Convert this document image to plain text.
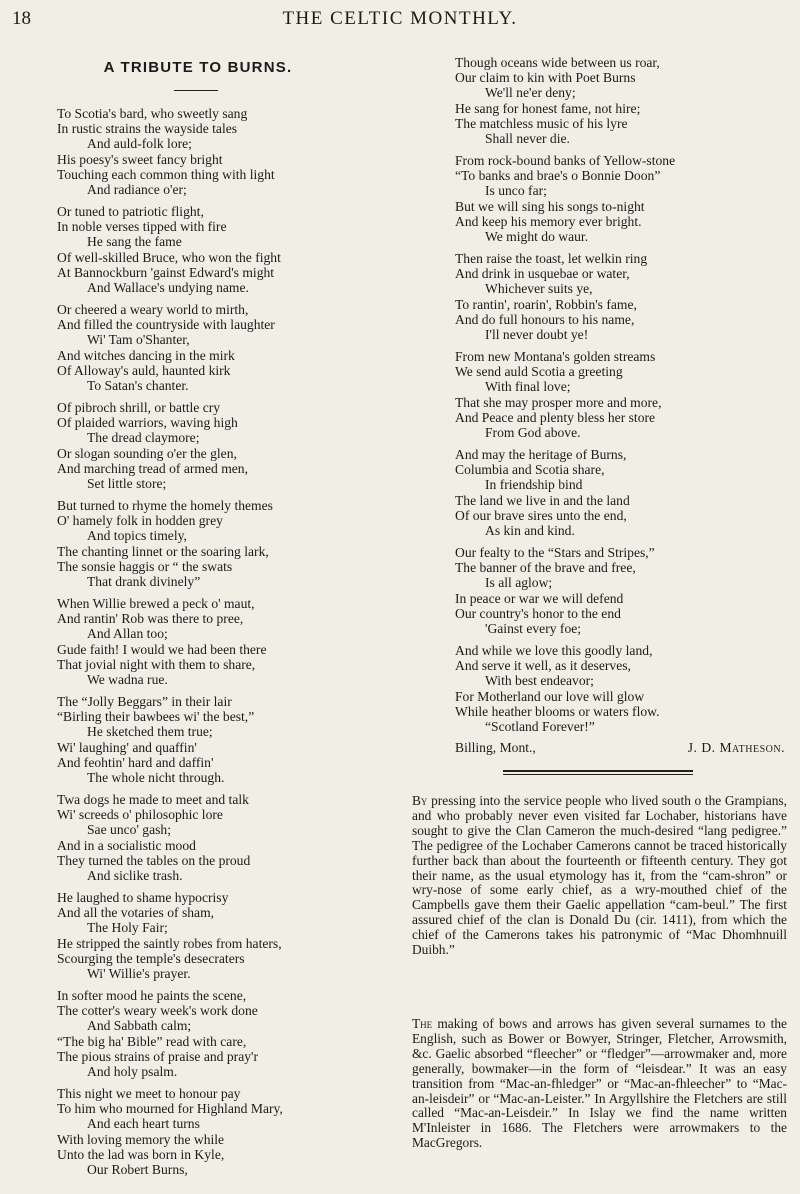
18	THE CELTIC MONTHLY.
A TRIBUTE TO BURNS.
To Scotia's bard, who sweetly sang
In rustic strains the wayside tales
And auld-folk lore;
His poesy's sweet fancy bright
Touching each common thing with light
And radiance o'er;
Or tuned to patriotic flight,
In noble verses tipped with fire
He sang the fame
Of well-skilled Bruce, who won the fight
At Bannockburn 'gainst Edward's might
And Wallace's undying name.
Or cheered a weary world to mirth,
And filled the countryside with laughter
Wi' Tam o'Shanter,
And witches dancing in the mirk
Of Alloway's auld, haunted kirk
To Satan's chanter.
Of pibroch shrill, or battle cry
Of plaided warriors, waving high
The dread claymore;
Or slogan sounding o'er the glen,
And marching tread of armed men,
Set little store;
But turned to rhyme the homely themes
O' hamely folk in hodden grey
And topics timely,
The chanting linnet or the soaring lark,
The sonsie haggis or “ the swats
That drank divinely”
When Willie brewed a peck o' maut,
And rantin' Rob was there to pree,
And Allan too;
Gude faith! I would we had been there
That jovial night with them to share,
We wadna rue.
The “Jolly Beggars” in their lair
“Birling their bawbees wi' the best,”
He sketched them true;
Wi' laughing' and quaffin'
And feohtin' hard and daffin'
The whole nicht through.
Twa dogs he made to meet and talk
Wi' screeds o' philosophic lore
Sae unco' gash;
And in a socialistic mood
They turned the tables on the proud
And siclike trash.
He laughed to shame hypocrisy
And all the votaries of sham,
The Holy Fair;
He stripped the saintly robes from haters,
Scourging the temple's desecraters
Wi' Willie's prayer.
In softer mood he paints the scene,
The cotter's weary week's work done
And Sabbath calm;
“The big ha' Bible” read with care,
The pious strains of praise and pray'r
And holy psalm.
This night we meet to honour pay
To him who mourned for Highland Mary,
And each heart turns
With loving memory the while
Unto the lad was born in Kyle,
Our Robert Burns,
Though oceans wide between us roar,
Our claim to kin with Poet Burns
We'll ne'er deny;
He sang for honest fame, not hire;
The matchless music of his lyre
Shall never die.
From rock-bound banks of Yellow-stone
“To banks and brae's o Bonnie Doon”
Is unco far;
But we will sing his songs to-night
And keep his memory ever bright.
We might do waur.
Then raise the toast, let welkin ring
And drink in usquebae or water,
Whichever suits ye,
To rantin', roarin', Robbin's fame,
And do full honours to his name,
I'll never doubt ye!
From new Montana's golden streams
We send auld Scotia a greeting
With final love;
That she may prosper more and more,
And Peace and plenty bless her store
From God above.
And may the heritage of Burns,
Columbia and Scotia share,
In friendship bind
The land we live in and the land
Of our brave sires unto the end,
As kin and kind.
Our fealty to the “Stars and Stripes,”
The banner of the brave and free,
Is all aglow;
In peace or war we will defend
Our country's honor to the end
'Gainst every foe;
And while we love this goodly land,
And serve it well, as it deserves,
With best endeavor;
For Motherland our love will glow
While heather blooms or waters flow.
“Scotland Forever!”
Billing, Mont.,	J. D. Matheson.

By pressing into the service people who lived south o the Grampians, and who probably never even visited far Lochaber, historians have sought to give the Clan Cameron the much-desired “lang pedigree.” The pedigree of the Lochaber Camerons cannot be traced historically further back than about the fourteenth or fifteenth century. They got their name, as the usual etymology has it, from the “cam-shron” or wry-nose of some early chief, as a wry-mouthed chief of the Campbells gave them their Gaelic appellation “cam-beul.” The first assured chief of the clan is Donald Du (cir. 1411), from which the chief of the Camerons takes his patronymic of “Mac Dhomhnuill Duibh.”

The making of bows and arrows has given several surnames to the English, such as Bower or Bowyer, Stringer, Fletcher, Arrowsmith, &c. Gaelic absorbed “fleecher” or “fledger”—arrowmaker and, more generally, bowmaker—in the form of “leisdear.” It was an easy transition from “Mac-an-fhledger” or “Mac-an-fhleecher” to “Mac-an-leisdeir” or “Mac-an-Leister.” In Argyllshire the Fletchers are still called “Mac-an-Leisdeir.” In Islay we find the name written M'Inleister in 1686. The Fletchers were arrowmakers to the MacGregors.
